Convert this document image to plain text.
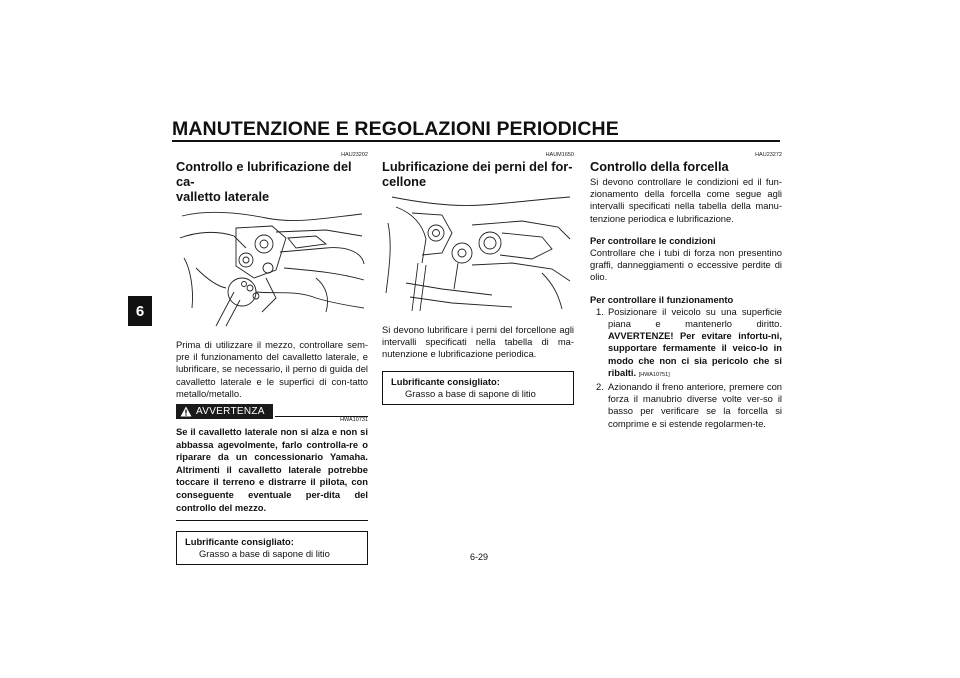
MANUTENZIONE E REGOLAZIONI PERIODICHE
6
HAU23202
Controllo e lubrificazione del ca-
valletto laterale
Prima di utilizzare il mezzo, controllare sem-pre il funzionamento del cavalletto laterale, e lubrificare, se necessario, il perno di guida del cavalletto laterale e le superfici di con-tatto metallo/metallo.
AVVERTENZA
HWA10731
Se il cavalletto laterale non si alza e non si abbassa agevolmente, farlo controlla-re o riparare da un concessionario Yamaha. Altrimenti il cavalletto laterale potrebbe toccare il terreno e distrarre il pilota, con conseguente eventuale per-dita del controllo del mezzo.
Lubrificante consigliato:
Grasso a base di sapone di litio
HAUM1650
Lubrificazione dei perni del for-
cellone
Si devono lubrificare i perni del forcellone agli intervalli specificati nella tabella di ma-nutenzione e lubrificazione periodica.
Lubrificante consigliato:
Grasso a base di sapone di litio
HAU23272
Controllo della forcella
Si devono controllare le condizioni ed il fun-zionamento della forcella come segue agli intervalli specificati nella tabella della manu-tenzione periodica e lubrificazione.
Per controllare le condizioni
Controllare che i tubi di forza non presentino graffi, danneggiamenti o eccessive perdite di olio.
Per controllare il funzionamento
1. Posizionare il veicolo su una superficie piana e mantenerlo diritto. AVVERTENZE! Per evitare infortu-ni, supportare fermamente il veico-lo in modo che non ci sia pericolo che si ribalti. [HWA10751]
2. Azionando il freno anteriore, premere con forza il manubrio diverse volte ver-so il basso per verificare se la forcella si comprime e si estende regolarmen-te.
6-29
